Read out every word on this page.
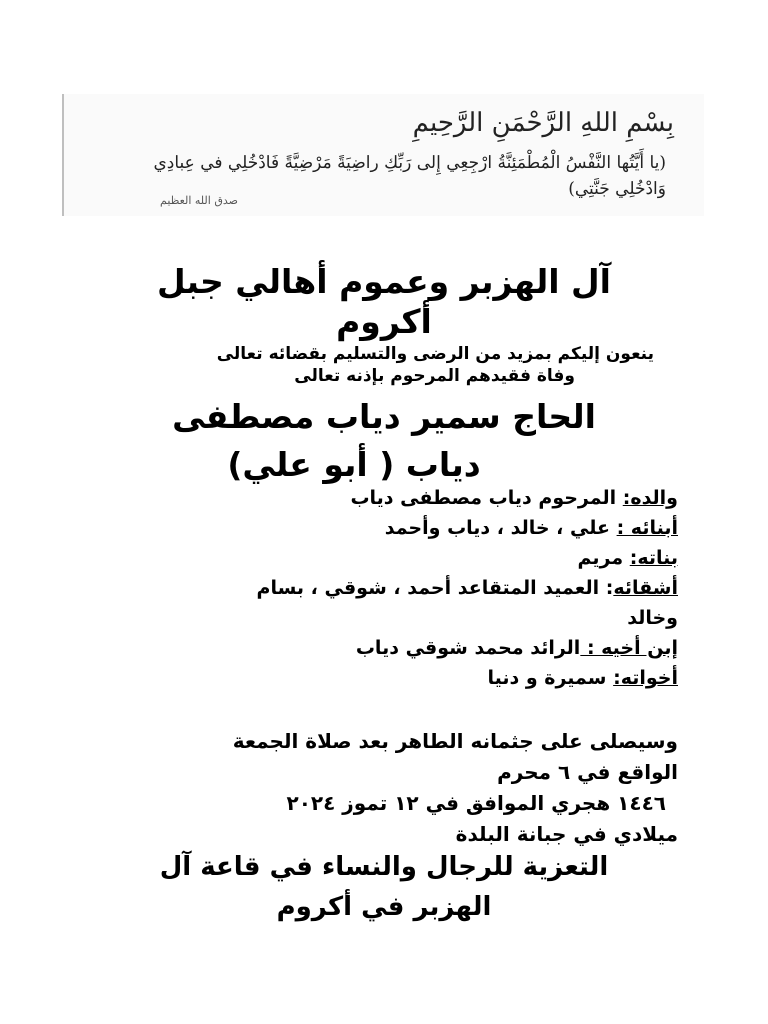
بِسْمِ اللهِ الرَّحْمَنِ الرَّحِيمِ
(يا أَيَّتُها النَّفْسُ الْمُطْمَئِنَّةُ ارْجِعِي إِلى رَبِّكِ راضِيَةً مَرْضِيَّةً فَادْخُلِي في عِبادِي وَادْخُلِي جَنَّتِي)
صدق الله العظيم
آل الهزبر وعموم أهالي جبل
أكروم
ينعون إليكم بمزيد من الرضى والتسليم بقضائه تعالى
وفاة فقيدهم المرحوم بإذنه تعالى
الحاج سمير دياب مصطفى
دياب ( أبو علي)
والده: المرحوم دياب مصطفى دياب
أبنائه : علي ، خالد ، دياب وأحمد
بناته: مريم
أشقائه: العميد المتقاعد أحمد ، شوقي ، بسام
وخالد
إبن أخيه : الرائد محمد شوقي دياب
أخواته: سميرة و دنيا
وسيصلى على جثمانه الطاهر بعد صلاة الجمعة
الواقع في ٦ محرم
١٤٤٦ هجري الموافق في ١٢ تموز ٢٠٢٤
ميلادي في جبانة البلدة
التعزية للرجال والنساء في قاعة آل
الهزبر في أكروم
